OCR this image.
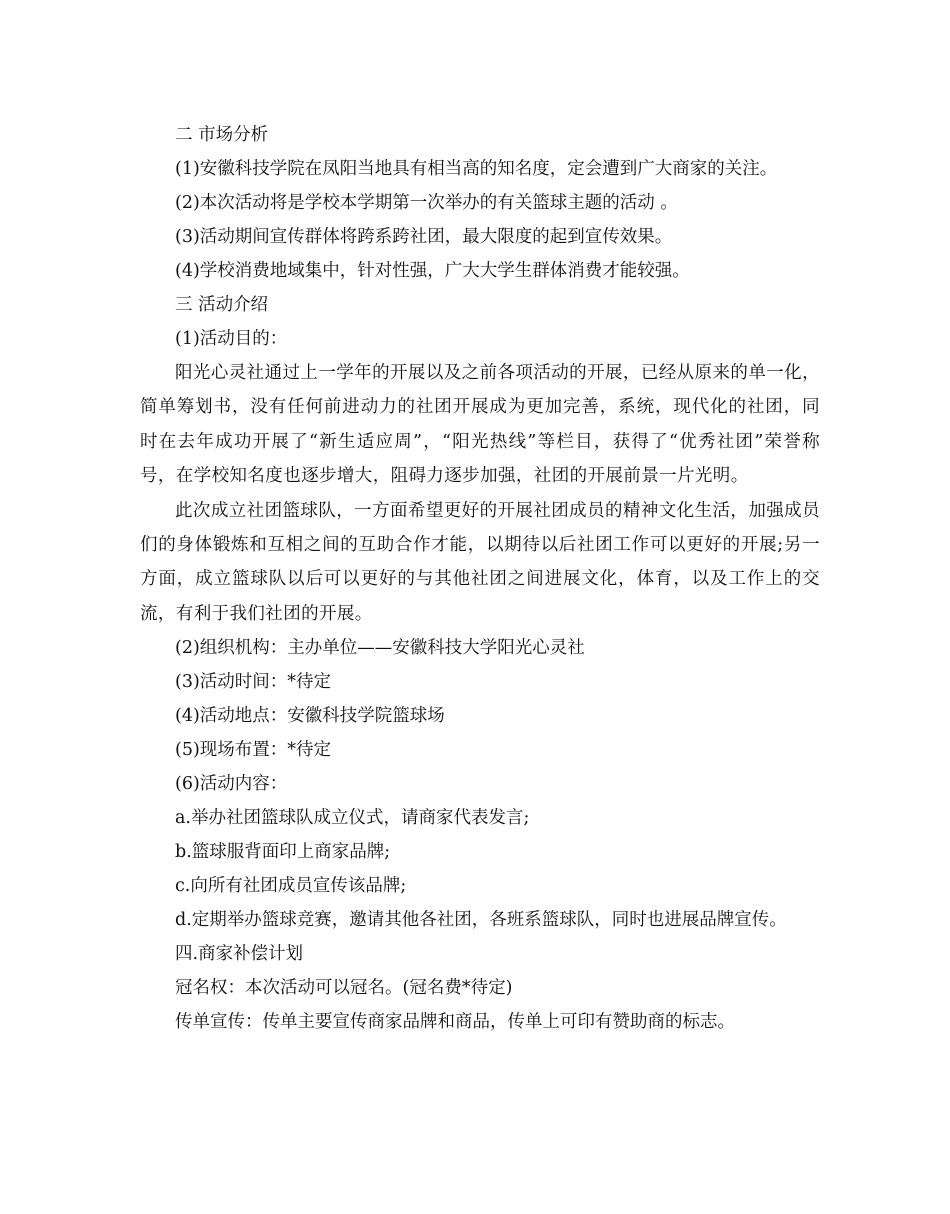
二 市场分析
(1)安徽科技学院在凤阳当地具有相当高的知名度，定会遭到广大商家的关注。
(2)本次活动将是学校本学期第一次举办的有关篮球主题的活动 。
(3)活动期间宣传群体将跨系跨社团，最大限度的起到宣传效果。
(4)学校消费地域集中，针对性强，广大大学生群体消费才能较强。
三 活动介绍
(1)活动目的：
阳光心灵社通过上一学年的开展以及之前各项活动的开展，已经从原来的单一化，简单筹划书，没有任何前进动力的社团开展成为更加完善，系统，现代化的社团，同时在去年成功开展了“新生适应周”，“阳光热线”等栏目，获得了“优秀社团”荣誉称号，在学校知名度也逐步增大，阻碍力逐步加强，社团的开展前景一片光明。
此次成立社团篮球队，一方面希望更好的开展社团成员的精神文化生活，加强成员们的身体锻炼和互相之间的互助合作才能，以期待以后社团工作可以更好的开展;另一方面，成立篮球队以后可以更好的与其他社团之间进展文化，体育，以及工作上的交流，有利于我们社团的开展。
(2)组织机构：主办单位——安徽科技大学阳光心灵社
(3)活动时间：*待定
(4)活动地点：安徽科技学院篮球场
(5)现场布置：*待定
(6)活动内容：
a.举办社团篮球队成立仪式，请商家代表发言;
b.篮球服背面印上商家品牌;
c.向所有社团成员宣传该品牌;
d.定期举办篮球竞赛，邀请其他各社团，各班系篮球队，同时也进展品牌宣传。
四.商家补偿计划
冠名权：本次活动可以冠名。(冠名费*待定)
传单宣传：传单主要宣传商家品牌和商品，传单上可印有赞助商的标志。
